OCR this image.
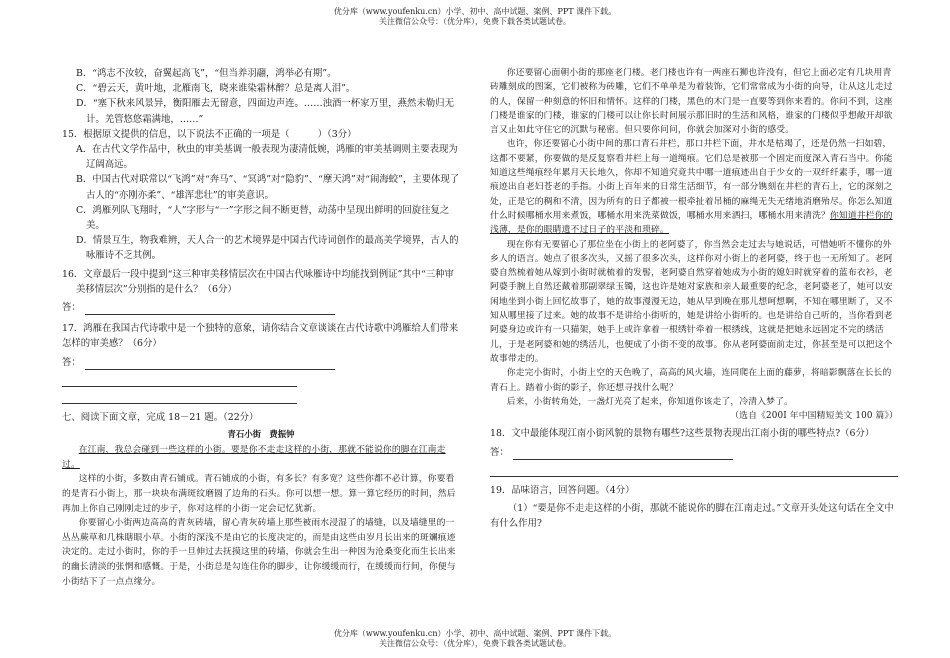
优分库（www.youfenku.cn）小学、初中、高中试题、案例、PPT 课件下载。
关注微信公众号：（优分库），免费下载各类试题试卷。
B．“鸿志不汝较，奋翼起高飞”，“但当养羽翮，鸿举必有期”。
C．“碧云天，黄叶地，北雁南飞，晓来谁染霜林醉？总是离人泪”。
D．“塞下秋来风景异，衡阳雁去无留意，四面边声连。……浊酒一杯家万里，燕然未勒归无计。羌管悠悠霜满地，……”
15．根据原文提供的信息，以下说法不正确的一项是（　　　）（3分）
A．在古代文学作品中，秋虫的审美基调一般表现为凄清低婉，鸿雁的审美基调则主要表现为辽阔高远。
B．中国古代对联常以“飞鸿”对“奔马”、“冥鸿”对“隐豹”、“摩天鸿”对“闹海蛟”，主要体现了古人的“亦刚亦柔”、“雄浑悲壮”的审美意识。
C．鸿雁列队飞翔时，“人”字形与“一”字形之间不断更替，动荡中呈现出鲜明的回旋往复之美。
D．情景互生，物我难辨，天人合一的艺术境界是中国古代诗词创作的最高美学境界，古人的咏雁诗不乏其例。
16．文章最后一段中提到“这三种审美移情层次在中国古代咏雁诗中均能找到例证”其中“三种审美移情层次”分别指的是什么？（6分）
答：
17．鸿雁在我国古代诗歌中是一个独特的意象，请你结合文章谈谈在古代诗歌中鸿雁给人们带来怎样的审美感？（6分）
答：
七、阅读下面文章，完成 18－21 题。（22分）
青石小街　费振钟
在江南，我总会碰到一些这样的小街。要是你不走走这样的小街，那就不能说你的脚在江南走过。
这样的小街，多数由青石铺成。青石铺成的小街，有多长？有多宽？这些你都不必计算，你要看的是青石小街上，那一块块布满斑纹磨圆了边角的石头。你可以想一想。算一算它经历的时间，然后再加上你自己刚刚走过的步子，你对这样的小街一定会记忆犹新。
你要留心小街两边高高的青灰砖墙，留心青灰砖墙上那些被雨水浸湿了的墙缝，以及墙缝里的一丛丛蕨草和几株瞎眼小草。小街的深浅不是由它的长度决定的，而是由这些由岁月长出来的斑斓痕迹决定的。走过小街时，你的手一旦伸过去抚摸这里的砖墙，你就会生出一种因为沧桑变化而生长出来的幽长清淡的张惘和感慨。于是，小街总是勾连住你的脚步，让你缓缓而行，在缓缓而行间，你便与小街结下了一点点缘分。
你还要留心面朝小街的那座老门楼。老门楼也许有一两座石狮也许没有，但它上面必定有几块用青砖雕刻成的图案，它们被称为砖雕，它们不单单是为着装饰，它们常常成为小街的向导，让从这儿走过的人，保留一种刻意的怀旧和情怀。这样的门楼，黑色的木门是一直要等到你来看的。你问不到，这座门楼是谁家的门楼，谁家的门楼可以让你长时间展示那旧时的生活和风格，谁家的门楼似乎想敞开却欲言又止如此守住它的沉默与秘密。但只要你问问，你就会加深对小街的感受。
也许，你还要留心小街中间的那口青石井栏，那口井栏下面，井水是枯竭了，还是仍然一扫如碧，这都不要紧，你要做的是反复察看井栏上每一道绳痕。它们总是被那一个固定而度深入青石当中。你能知道这些绳痕经年累月天长地久，你却不知道究竟共中哪一道痕迹出自于少女的一双纤纤素手，哪一道痕迹出自老妇苍老的手指。小街上百年来的日常生活细节，有一部分镌刻在井栏的青石上，它的深刻之处，正是它的稠和不清，因为所有的日子都被一根牵扯着吊桶的麻绳无失无绪地消磨殆尽。你怎么知道什么时候哪桶水用来煮饭，哪桶水用来洗菜做饭，哪桶水用来洒扫，哪桶水用来清洗？你知道井栏你的浅薄，是你的眼睛遗不过日子的平淡和琐碎。
现在你有无要留心了那位坐在小街上的老阿婆了，你当然会走过去与她说话，可惜她听不懂你的外乡人的语言。她点了很多次头，又摇了很多次头，这样你对小街上的老阿婆，终于也一无所知了。老阿婆自然梳着她从嫁到小街时就梳着的发髻，老阿婆自然穿着她成为小街的媳妇时就穿着的蓝布衣衫，老阿婆手腕上自然还戴着那副翠绿玉镯，这也许是她对家族和亲人最重要的纪念，老阿婆老了，她可以安闲地坐到小街上回忆故事了，她的故事漫漫无边，她从早到晚在那儿想呵想啊，不知在哪里断了，又不知从哪里接了过来。她的故事不是讲给小街听的，她是讲给小街听的。也是讲给自己听的，当你看到老阿婆身边或许有一只猫架，她手上或许拿着一根绣针牵着一根绣线，这就是把她永远固定不完的绣活儿，于是老阿婆和她的绣活儿，也便成了小街不变的故事。你从老阿婆面前走过，你甚至是可以把这个故事带走的。
你走完小街时，小街上空的天色晚了，高高的风火墙，连同爬在上面的藤萝，将暗影飘落在长长的青石上。踏着小街的影子，你还想寻找什么呢？
后来，小街转角处，一盏灯光亮了起来，你知道你该走了，冷清入梦了。
（选自《200I 年中国精短美文 100 篇》）
18．文中最能体现江南小街风貌的景物有哪些?这些景物表现出江南小街的哪些特点?（6分）
答：
19．品味语言，回答问题。（4分）
（1）“要是你不走走这样的小街，那就不能说你的脚在江南走过。”文章开头处这句话在全文中有什么作用?
优分库（www.youfenku.cn）小学、初中、高中试题、案例、PPT 课件下载。
关注微信公众号：（优分库），免费下载各类试题试卷。
